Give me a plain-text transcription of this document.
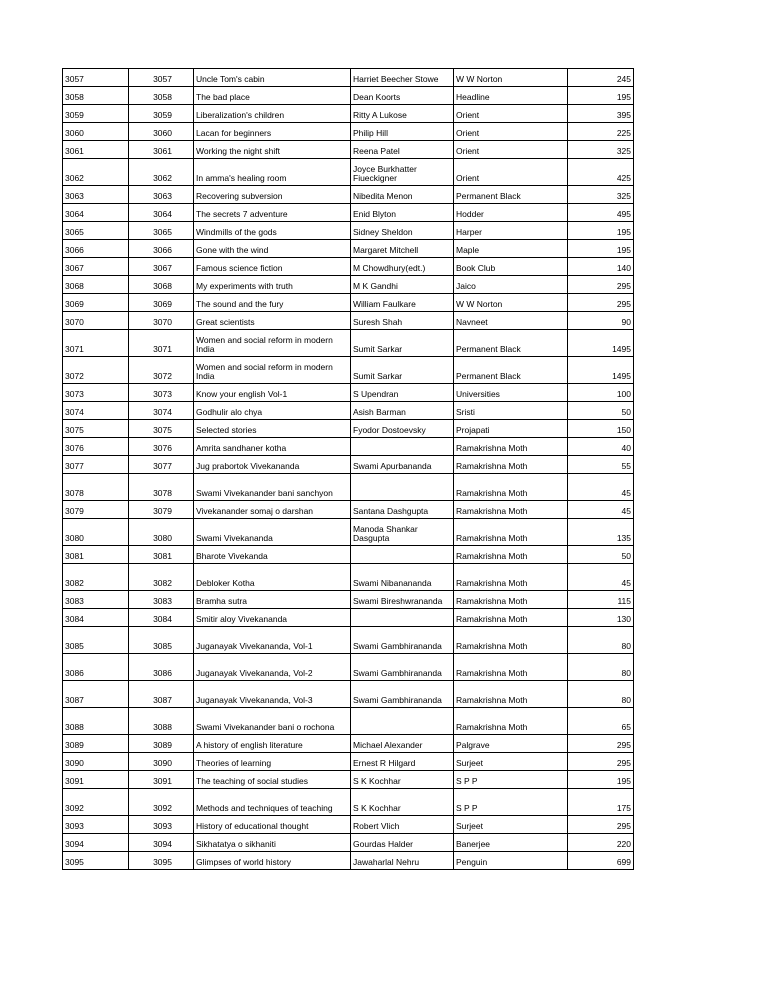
3057	3057	Uncle Tom's cabin	Harriet Beecher Stowe	W W Norton	245
3058	3058	The bad place	Dean Koorts	Headline	195
3059	3059	Liberalization's children	Ritty A Lukose	Orient	395
3060	3060	Lacan for beginners	Philip Hill	Orient	225
3061	3061	Working the night shift	Reena Patel	Orient	325
3062	3062	In amma's healing room	Joyce Burkhatter Fiueckigner	Orient	425
3063	3063	Recovering subversion	Nibedita Menon	Permanent Black	325
3064	3064	The secrets 7 adventure	Enid Blyton	Hodder	495
3065	3065	Windmills of the gods	Sidney Sheldon	Harper	195
3066	3066	Gone with the wind	Margaret Mitchell	Maple	195
3067	3067	Famous science fiction	M Chowdhury(edt.)	Book Club	140
3068	3068	My experiments with truth	M K Gandhi	Jaico	295
3069	3069	The sound and the fury	William Faulkare	W W Norton	295
3070	3070	Great scientists	Suresh Shah	Navneet	90
3071	3071	Women and social reform in modern India	Sumit Sarkar	Permanent Black	1495
3072	3072	Women and social reform in modern India	Sumit Sarkar	Permanent Black	1495
3073	3073	Know your english Vol-1	S Upendran	Universities	100
3074	3074	Godhulir alo chya	Asish Barman	Sristi	50
3075	3075	Selected stories	Fyodor Dostoevsky	Projapati	150
3076	3076	Amrita sandhaner kotha		Ramakrishna Moth	40
3077	3077	Jug prabortok Vivekananda	Swami Apurbananda	Ramakrishna Moth	55
3078	3078	Swami Vivekanander bani sanchyon		Ramakrishna Moth	45
3079	3079	Vivekanander somaj o darshan	Santana Dashgupta	Ramakrishna Moth	45
3080	3080	Swami Vivekananda	Manoda Shankar Dasgupta	Ramakrishna Moth	135
3081	3081	Bharote Vivekanda		Ramakrishna Moth	50
3082	3082	Debloker Kotha	Swami Nibanananda	Ramakrishna Moth	45
3083	3083	Bramha sutra	Swami Bireshwrananda	Ramakrishna Moth	115
3084	3084	Smitir aloy Vivekananda		Ramakrishna Moth	130
3085	3085	Juganayak Vivekananda, Vol-1	Swami Gambhirananda	Ramakrishna Moth	80
3086	3086	Juganayak Vivekananda, Vol-2	Swami Gambhirananda	Ramakrishna Moth	80
3087	3087	Juganayak Vivekananda, Vol-3	Swami Gambhirananda	Ramakrishna Moth	80
3088	3088	Swami Vivekanander bani o rochona		Ramakrishna Moth	65
3089	3089	A history of english literature	Michael Alexander	Palgrave	295
3090	3090	Theories of learning	Ernest R Hilgard	Surjeet	295
3091	3091	The teaching of social studies	S K Kochhar	S P P	195
3092	3092	Methods and techniques of teaching	S K Kochhar	S P P	175
3093	3093	History of educational thought	Robert Vlich	Surjeet	295
3094	3094	Sikhatatya o sikhaniti	Gourdas Halder	Banerjee	220
3095	3095	Glimpses of world history	Jawaharlal Nehru	Penguin	699
